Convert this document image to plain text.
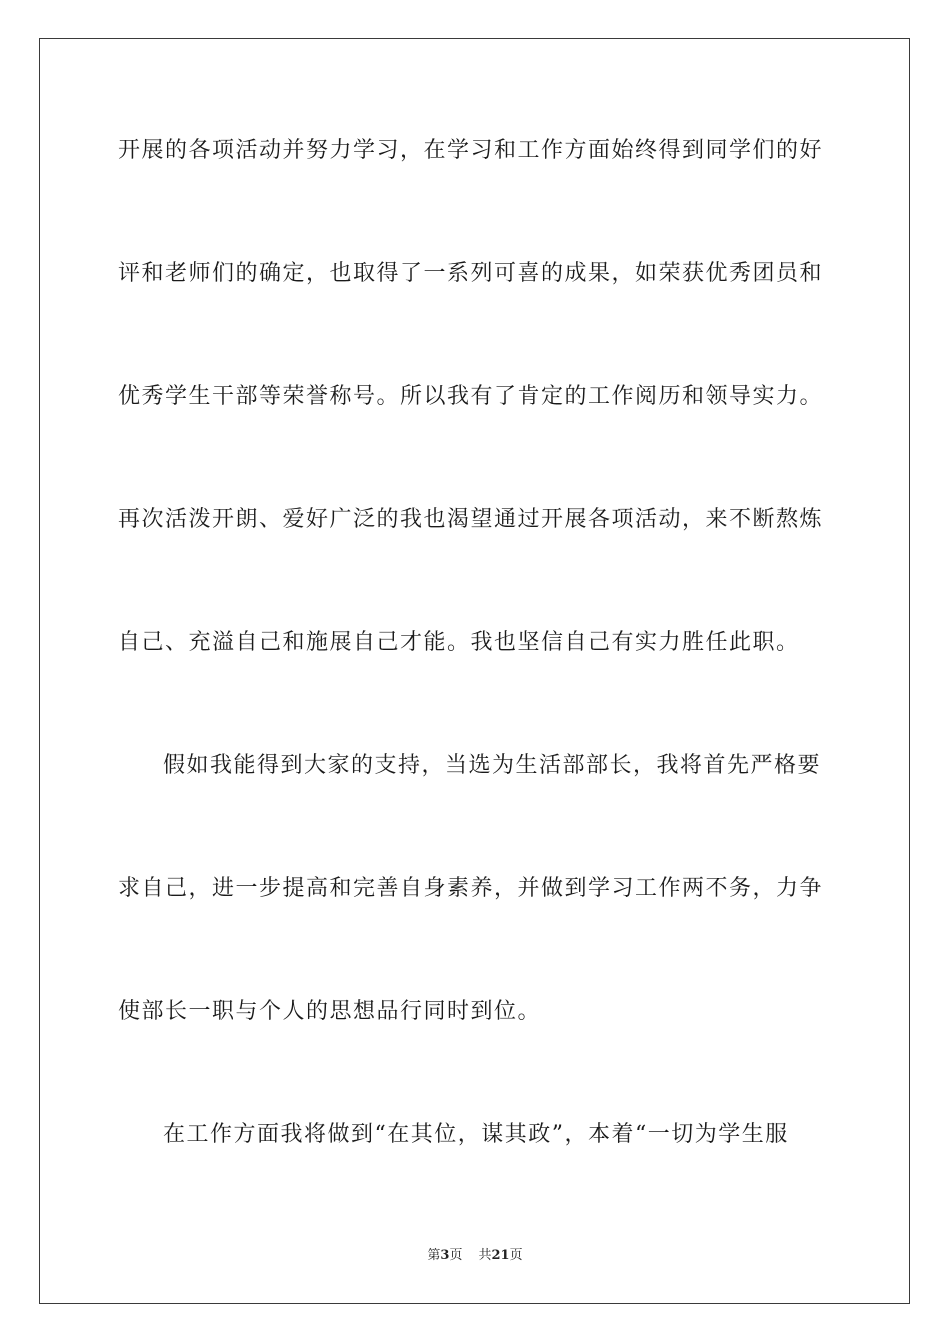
开展的各项活动并努力学习，在学习和工作方面始终得到同学们的好
评和老师们的确定，也取得了一系列可喜的成果，如荣获优秀团员和
优秀学生干部等荣誉称号。所以我有了肯定的工作阅历和领导实力。
再次活泼开朗、爱好广泛的我也渴望通过开展各项活动，来不断熬炼
自己、充溢自己和施展自己才能。我也坚信自己有实力胜任此职。
假如我能得到大家的支持，当选为生活部部长，我将首先严格要
求自己，进一步提高和完善自身素养，并做到学习工作两不务，力争
使部长一职与个人的思想品行同时到位。
在工作方面我将做到“在其位，谋其政”，本着“一切为学生服
第3页 共21页
